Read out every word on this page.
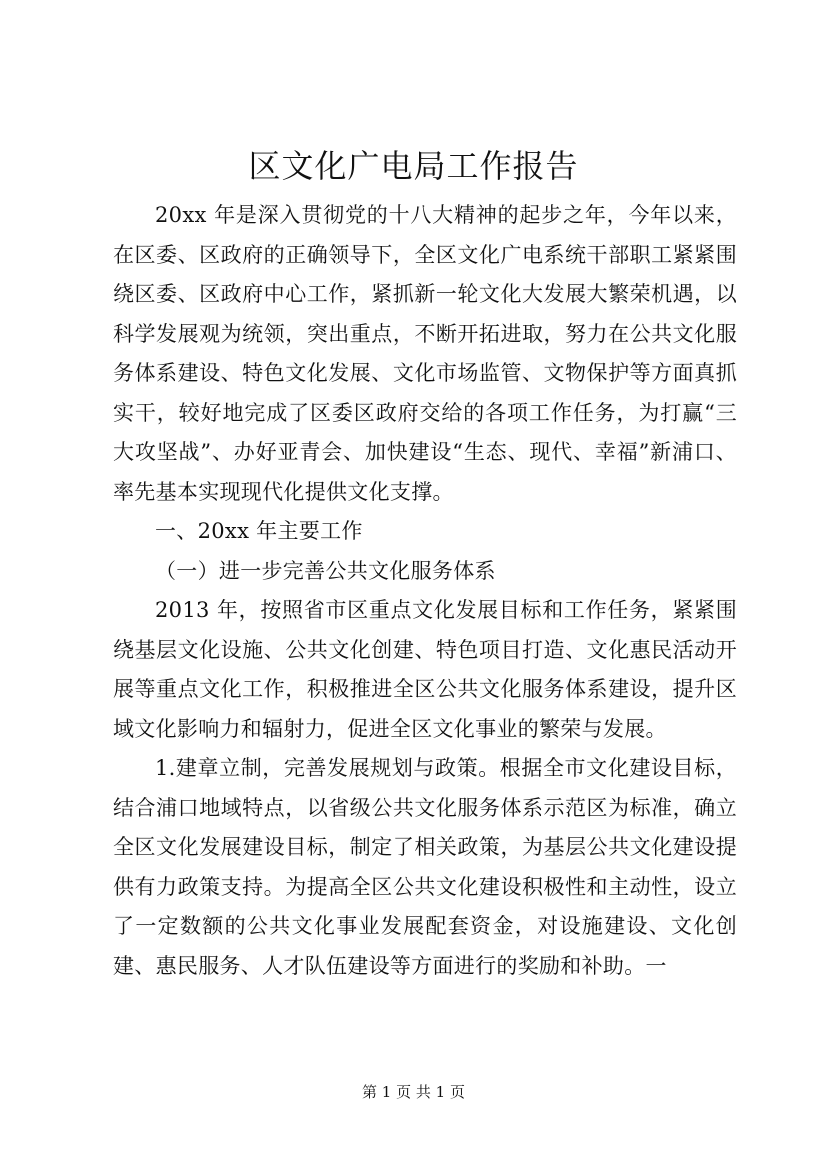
区文化广电局工作报告

20xx 年是深入贯彻党的十八大精神的起步之年，今年以来，在区委、区政府的正确领导下，全区文化广电系统干部职工紧紧围绕区委、区政府中心工作，紧抓新一轮文化大发展大繁荣机遇，以科学发展观为统领，突出重点，不断开拓进取，努力在公共文化服务体系建设、特色文化发展、文化市场监管、文物保护等方面真抓实干，较好地完成了区委区政府交给的各项工作任务，为打赢“三大攻坚战”、办好亚青会、加快建设“生态、现代、幸福”新浦口、率先基本实现现代化提供文化支撑。

一、20xx 年主要工作

（一）进一步完善公共文化服务体系

2013 年，按照省市区重点文化发展目标和工作任务，紧紧围绕基层文化设施、公共文化创建、特色项目打造、文化惠民活动开展等重点文化工作，积极推进全区公共文化服务体系建设，提升区域文化影响力和辐射力，促进全区文化事业的繁荣与发展。

1.建章立制，完善发展规划与政策。根据全市文化建设目标，结合浦口地域特点，以省级公共文化服务体系示范区为标准，确立全区文化发展建设目标，制定了相关政策，为基层公共文化建设提供有力政策支持。为提高全区公共文化建设积极性和主动性，设立了一定数额的公共文化事业发展配套资金，对设施建设、文化创建、惠民服务、人才队伍建设等方面进行的奖励和补助。一

第 1 页 共 1 页
